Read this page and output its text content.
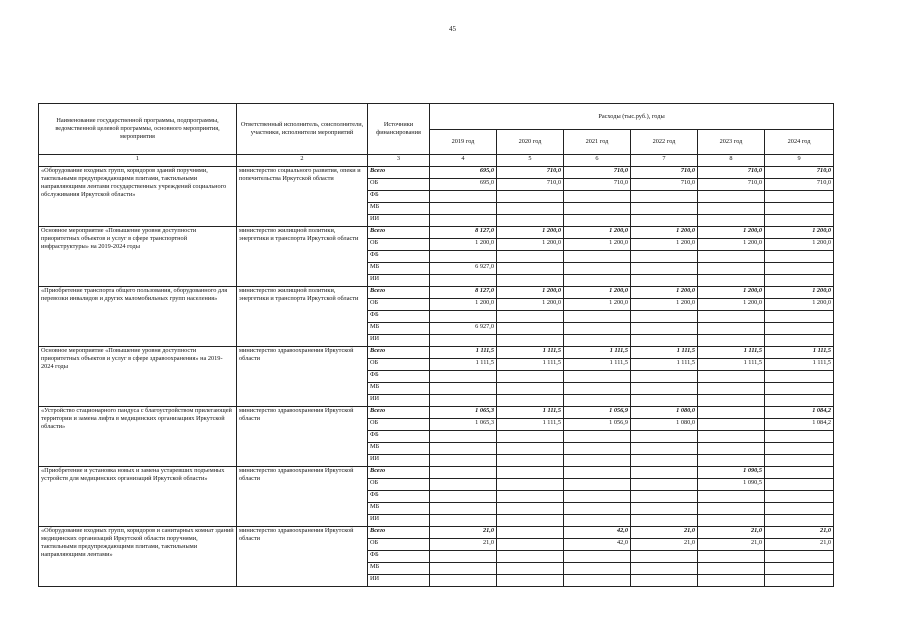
45
Наименование государственной программы, подпрограммы, ведомственной целевой программы, основного мероприятия, мероприятия	Ответственный исполнитель, соисполнители, участники, исполнители мероприятий	Источники финансирования	Расходы (тыс.руб.), годы					
			2019 год	2020 год	2021 год	2022 год	2023 год	2024 год
1	2	3	4	5	6	7	8	9
«Оборудование входных групп, коридоров зданий поручнями, тактильными предупреждающими плитами, тактильными направляющими лентами государственных учреждений социального обслуживания Иркутской области»	министерство социального развития, опеки и попечительства Иркутской области	Всего	695,0	710,0	710,0	710,0	710,0	710,0
		ОБ	695,0	710,0	710,0	710,0	710,0	710,0
		ФБ						
		МБ						
		ИИ						
Основное мероприятие «Повышение уровня доступности приоритетных объектов и услуг в сфере транспортной инфраструктуры» на 2019-2024 годы	министерство жилищной политики, энергетики и транспорта Иркутской области	Всего	8 127,0	1 200,0	1 200,0	1 200,0	1 200,0	1 200,0
		ОБ	1 200,0	1 200,0	1 200,0	1 200,0	1 200,0	1 200,0
		ФБ						
		МБ	6 927,0					
		ИИ						
«Приобретение транспорта общего пользования, оборудованного для перевозки инвалидов и других маломобильных групп населения»	министерство жилищной политики, энергетики и транспорта Иркутской области	Всего	8 127,0	1 200,0	1 200,0	1 200,0	1 200,0	1 200,0
		ОБ	1 200,0	1 200,0	1 200,0	1 200,0	1 200,0	1 200,0
		ФБ						
		МБ	6 927,0					
		ИИ						
Основное мероприятие «Повышение уровня доступности приоритетных объектов и услуг в сфере здравоохранения» на 2019-2024 годы	министерство здравоохранения Иркутской области	Всего	1 111,5	1 111,5	1 111,5	1 111,5	1 111,5	1 111,5
		ОБ	1 111,5	1 111,5	1 111,5	1 111,5	1 111,5	1 111,5
		ФБ						
		МБ						
		ИИ						
«Устройство стационарного пандуса с благоустройством прилегающей территории и замена лифта в медицинских организациях Иркутской области»	министерство здравоохранения Иркутской области	Всего	1 065,3	1 111,5	1 056,9	1 080,0		1 084,2
		ОБ	1 065,3	1 111,5	1 056,9	1 080,0		1 084,2
		ФБ						
		МБ						
		ИИ						
«Приобретение и установка новых и замена устаревших подъемных устройств для медицинских организаций Иркутской области»	министерство здравоохранения Иркутской области	Всего					1 090,5	
		ОБ					1 090,5	
		ФБ						
		МБ						
		ИИ						
«Оборудование входных групп, коридоров и санитарных комнат зданий медицинских организаций Иркутской области поручнями, тактильными предупреждающими плитами, тактильными направляющими лентами»	министерство здравоохранения Иркутской области	Всего	21,0		42,0	21,0	21,0	21,0
		ОБ	21,0		42,0	21,0	21,0	21,0
		ФБ						
		МБ						
		ИИ						
